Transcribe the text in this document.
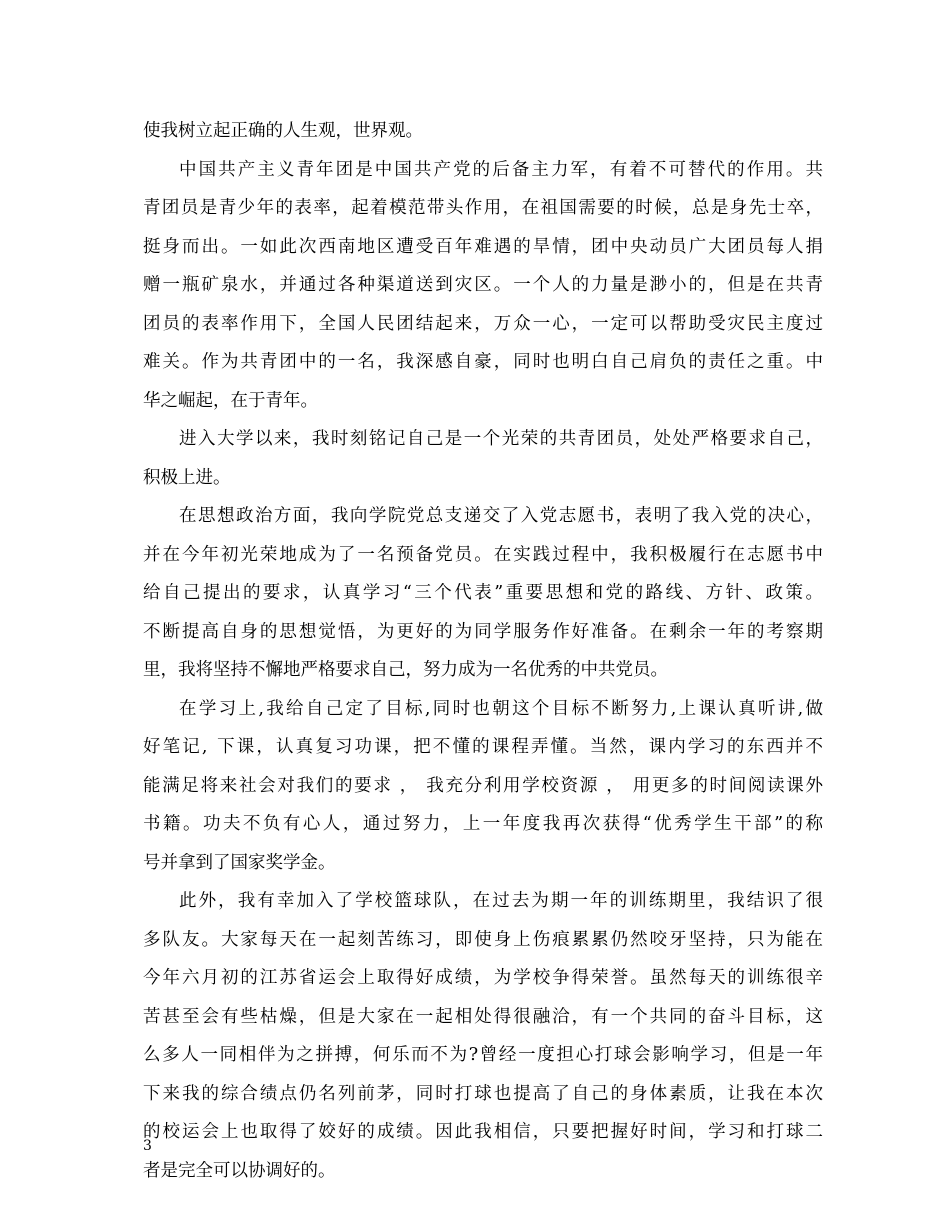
使我树立起正确的人生观，世界观。
中国共产主义青年团是中国共产党的后备主力军，有着不可替代的作用。共
青团员是青少年的表率，起着模范带头作用，在祖国需要的时候，总是身先士卒，
挺身而出。一如此次西南地区遭受百年难遇的旱情，团中央动员广大团员每人捐
赠一瓶矿泉水，并通过各种渠道送到灾区。一个人的力量是渺小的，但是在共青
团员的表率作用下，全国人民团结起来，万众一心，一定可以帮助受灾民主度过
难关。作为共青团中的一名，我深感自豪，同时也明白自己肩负的责任之重。中
华之崛起，在于青年。
进入大学以来，我时刻铭记自己是一个光荣的共青团员，处处严格要求自己，
积极上进。
在思想政治方面，我向学院党总支递交了入党志愿书，表明了我入党的决心，
并在今年初光荣地成为了一名预备党员。在实践过程中，我积极履行在志愿书中
给自己提出的要求，认真学习“三个代表”重要思想和党的路线、方针、政策。
不断提高自身的思想觉悟，为更好的为同学服务作好准备。在剩余一年的考察期
里，我将坚持不懈地严格要求自己，努力成为一名优秀的中共党员。
在学习上,我给自己定了目标,同时也朝这个目标不断努力,上课认真听讲,做
好笔记, 下课，认真复习功课，把不懂的课程弄懂。当然，课内学习的东西并不
能满足将来社会对我们的要求 ， 我充分利用学校资源 ， 用更多的时间阅读课外
书籍。功夫不负有心人，通过努力，上一年度我再次获得“优秀学生干部”的称
号并拿到了国家奖学金。
此外，我有幸加入了学校篮球队，在过去为期一年的训练期里，我结识了很
多队友。大家每天在一起刻苦练习，即使身上伤痕累累仍然咬牙坚持，只为能在
今年六月初的江苏省运会上取得好成绩，为学校争得荣誉。虽然每天的训练很辛
苦甚至会有些枯燥，但是大家在一起相处得很融洽，有一个共同的奋斗目标，这
么多人一同相伴为之拼搏，何乐而不为?曾经一度担心打球会影响学习，但是一年
下来我的综合绩点仍名列前茅，同时打球也提高了自己的身体素质，让我在本次
的校运会上也取得了姣好的成绩。因此我相信，只要把握好时间，学习和打球二
者是完全可以协调好的。
3
